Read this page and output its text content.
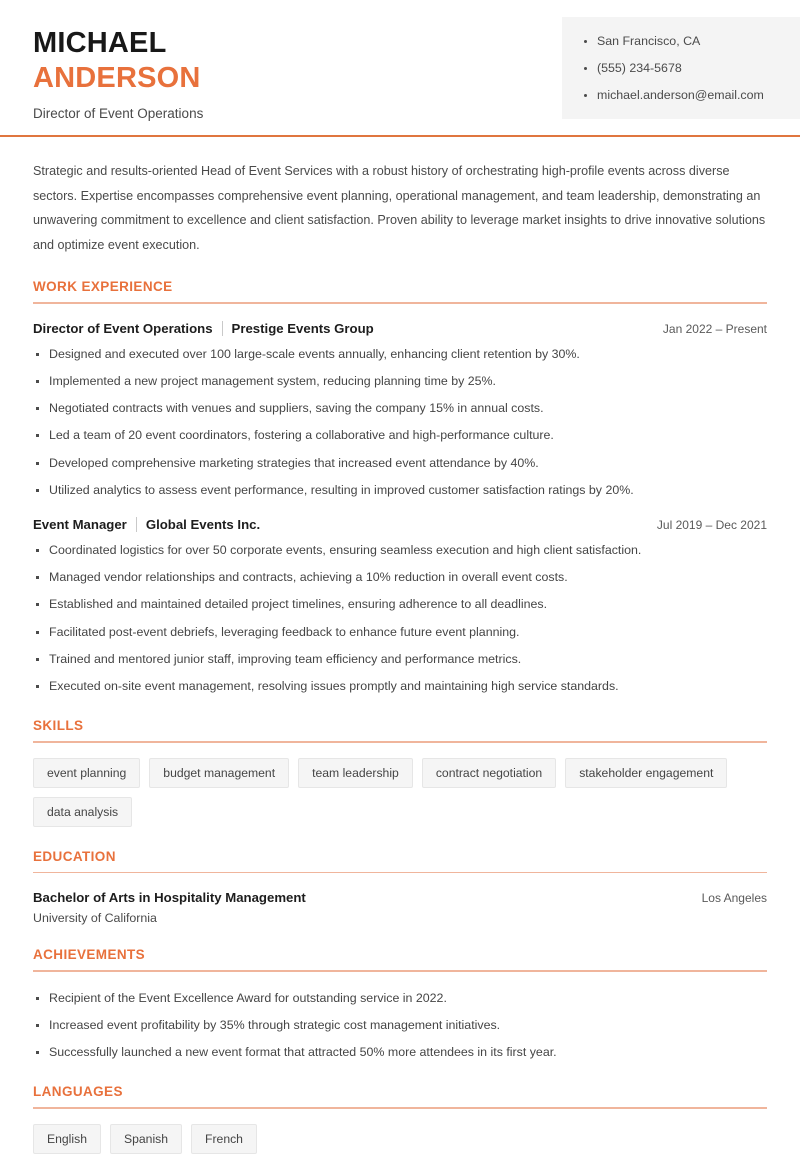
MICHAEL
ANDERSON
Director of Event Operations
San Francisco, CA
(555) 234-5678
michael.anderson@email.com

Strategic and results-oriented Head of Event Services with a robust history of orchestrating high-profile events across diverse sectors. Expertise encompasses comprehensive event planning, operational management, and team leadership, demonstrating an unwavering commitment to excellence and client satisfaction. Proven ability to leverage market insights to drive innovative solutions and optimize event execution.

WORK EXPERIENCE
Director of Event Operations Prestige Events Group	Jan 2022 – Present
Designed and executed over 100 large-scale events annually, enhancing client retention by 30%.
Implemented a new project management system, reducing planning time by 25%.
Negotiated contracts with venues and suppliers, saving the company 15% in annual costs.
Led a team of 20 event coordinators, fostering a collaborative and high-performance culture.
Developed comprehensive marketing strategies that increased event attendance by 40%.
Utilized analytics to assess event performance, resulting in improved customer satisfaction ratings by 20%.
Event Manager Global Events Inc.	Jul 2019 – Dec 2021
Coordinated logistics for over 50 corporate events, ensuring seamless execution and high client satisfaction.
Managed vendor relationships and contracts, achieving a 10% reduction in overall event costs.
Established and maintained detailed project timelines, ensuring adherence to all deadlines.
Facilitated post-event debriefs, leveraging feedback to enhance future event planning.
Trained and mentored junior staff, improving team efficiency and performance metrics.
Executed on-site event management, resolving issues promptly and maintaining high service standards.
SKILLS
event planning	budget management	team leadership	contract negotiation	stakeholder engagement
data analysis
EDUCATION
Bachelor of Arts in Hospitality Management	Los Angeles
University of California
ACHIEVEMENTS
Recipient of the Event Excellence Award for outstanding service in 2022.
Increased event profitability by 35% through strategic cost management initiatives.
Successfully launched a new event format that attracted 50% more attendees in its first year.
LANGUAGES
English	Spanish	French
